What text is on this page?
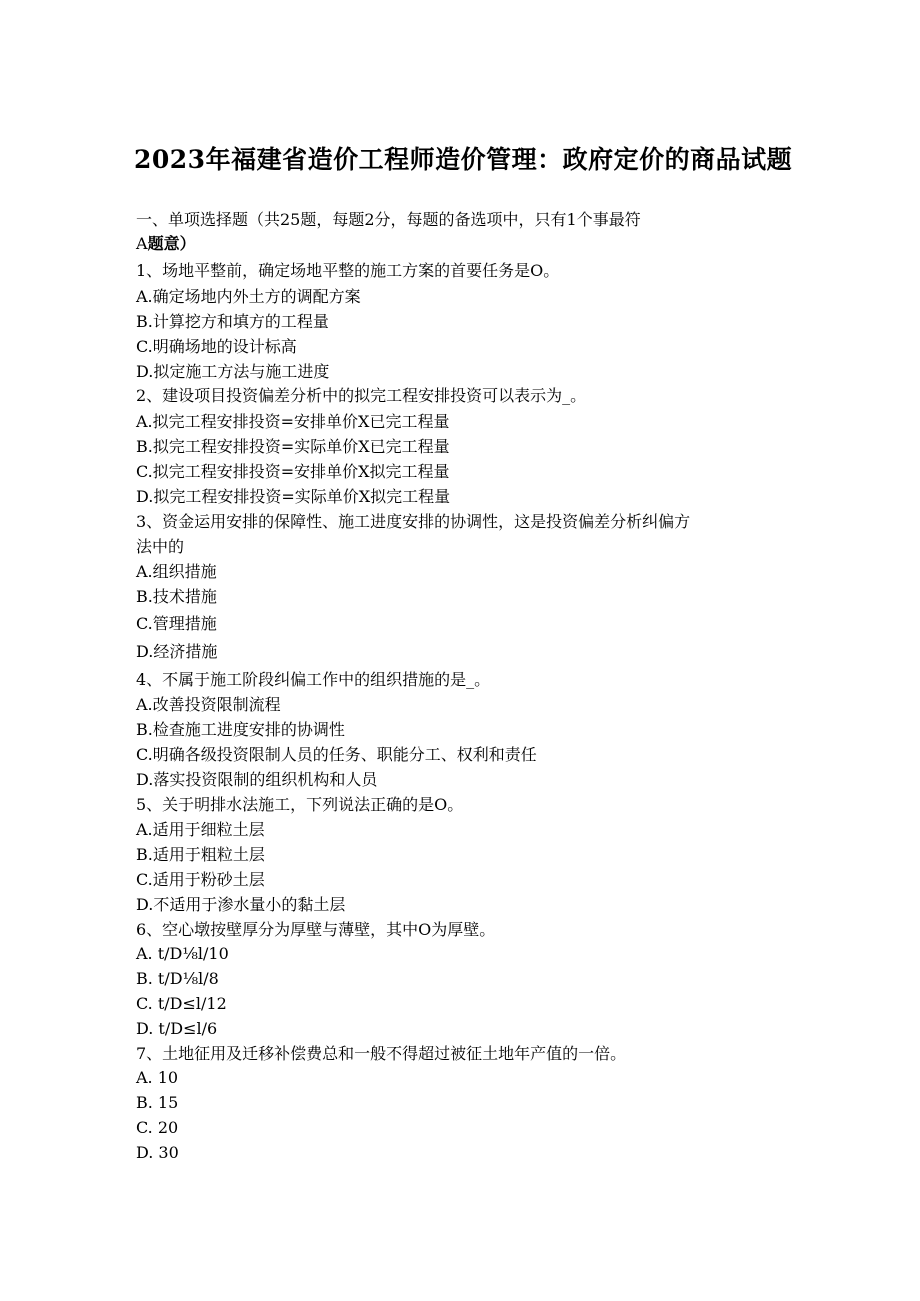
2023年福建省造价工程师造价管理：政府定价的商品试题
一、单项选择题（共25题，每题2分，每题的备选项中，只有1个事最符
A题意）
1、场地平整前，确定场地平整的施工方案的首要任务是O。
A.确定场地内外土方的调配方案
B.计算挖方和填方的工程量
C.明确场地的设计标高
D.拟定施工方法与施工进度
2、建设项目投资偏差分析中的拟完工程安排投资可以表示为_。
A.拟完工程安排投资=安排单价X已完工程量
B.拟完工程安排投资=实际单价X已完工程量
C.拟完工程安排投资=安排单价X拟完工程量
D.拟完工程安排投资=实际单价X拟完工程量
3、资金运用安排的保障性、施工进度安排的协调性，这是投资偏差分析纠偏方
法中的
A.组织措施
B.技术措施
C.管理措施
D.经济措施
4、不属于施工阶段纠偏工作中的组织措施的是_。
A.改善投资限制流程
B.检查施工进度安排的协调性
C.明确各级投资限制人员的任务、职能分工、权利和责任
D.落实投资限制的组织机构和人员
5、关于明排水法施工，下列说法正确的是O。
A.适用于细粒土层
B.适用于粗粒土层
C.适用于粉砂土层
D.不适用于渗水量小的黏土层
6、空心墩按壁厚分为厚壁与薄壁，其中O为厚壁。
A. t/D⅛l/10
B. t/D⅛l/8
C. t/D≤l/12
D. t/D≤l/6
7、土地征用及迁移补偿费总和一般不得超过被征土地年产值的一倍。
A. 10
B. 15
C. 20
D. 30
